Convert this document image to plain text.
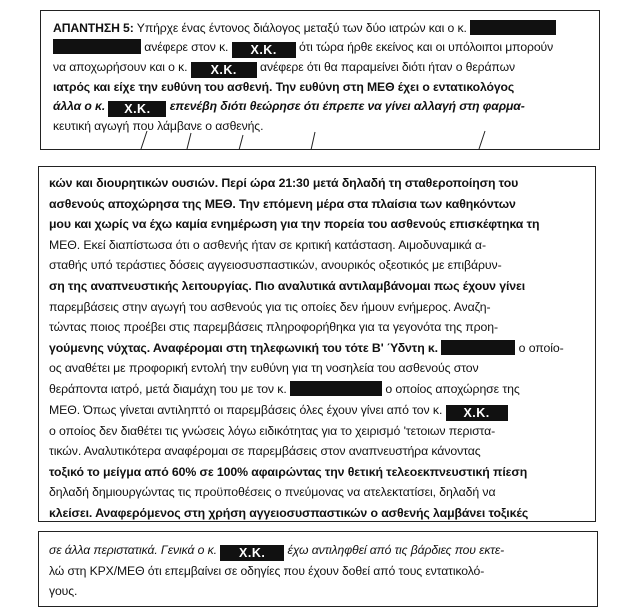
ΑΠΑΝΤΗΣΗ 5: Υπήρχε ένας έντονος διάλογος μεταξύ των δύο ιατρών και ο κ.
ανέφερε στον κ. Χ.Κ. ότι τώρα ήρθε εκείνος και οι υπόλοιποι μπορούν
να αποχωρήσουν και ο κ. Χ.Κ. ανέφερε ότι θα παραμείνει διότι ήταν ο θεράπων
ιατρός και είχε την ευθύνη του ασθενή. Την ευθύνη στη ΜΕΘ έχει ο εντατικολόγος
άλλα ο κ. Χ.Κ. επενέβη διότι θεώρησε ότι έπρεπε να γίνει αλλαγή στη φαρμα-
κευτική αγωγή που λάμβανε ο ασθενής.
κών και διουρητικών ουσιών. Περί ώρα 21:30 μετά δηλαδή τη σταθεροποίηση του
ασθενούς αποχώρησα της ΜΕΘ. Την επόμενη μέρα στα πλαίσια των καθηκόντων
μου και χωρίς να έχω καμία ενημέρωση για την πορεία του ασθενούς επισκέφτηκα τη
ΜΕΘ. Εκεί διαπίστωσα ότι ο ασθενής ήταν σε κριτική κατάσταση. Αιμοδυναμικά α-
σταθής υπό τεράστιες δόσεις αγγειοσυσπαστικών, ανουρικός οξεοτικός με επιβάρυν-
ση της αναπνευστικής λειτουργίας. Πιο αναλυτικά αντιλαμβάνομαι πως έχουν γίνει
παρεμβάσεις στην αγωγή του ασθενούς για τις οποίες δεν ήμουν ενήμερος. Αναζη-
τώντας ποιος προέβει στις παρεμβάσεις πληροφορήθηκα για τα γεγονότα της προη-
γούμενης νύχτας. Αναφέρομαι στη τηλεφωνική του τότε Β' Ύδντη κ.	ο οποίο-
ος αναθέτει με προφορική εντολή την ευθύνη για τη νοσηλεία του ασθενούς στον
θεράποντα ιατρό, μετά διαμάχη του με τον κ.	ο οποίος αποχώρησε της
ΜΕΘ. Όπως γίνεται αντιληπτό οι παρεμβάσεις όλες έχουν γίνει από τον κ. Χ.Κ.
ο οποίος δεν διαθέτει τις γνώσεις λόγω ειδικότητας για το χειρισμό 'τετοιων περιστα-
τικών. Αναλυτικότερα αναφέρομαι σε παρεμβάσεις στον αναπνευστήρα κάνοντας
τοξικό το μείγμα από 60% σε 100% αφαιρώντας την θετική τελεοεκπνευστική πίεση
δηλαδή δημιουργώντας τις προϋποθέσεις ο πνεύμονας να ατελεκτατίσει, δηλαδή να
κλείσει. Αναφερόμενος στη χρήση αγγειοσυσπαστικών ο ασθενής λαμβάνει τοξικές
σε άλλα περιστατικά. Γενικά ο κ. Χ.Κ. έχω αντιληφθεί από τις βάρδιες που εκτε-
λώ στη ΚΡΧ/ΜΕΘ ότι επεμβαίνει σε οδηγίες που έχουν δοθεί από τους εντατικολό-
γους.
